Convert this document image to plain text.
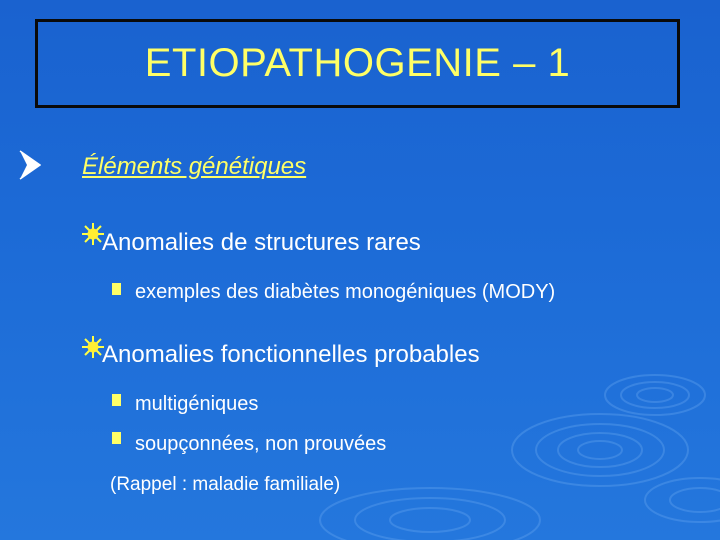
ETIOPATHOGENIE – 1
Éléments génétiques
Anomalies de structures rares
exemples des diabètes monogéniques (MODY)
Anomalies fonctionnelles probables
multigéniques
soupçonnées, non prouvées
(Rappel : maladie familiale)
